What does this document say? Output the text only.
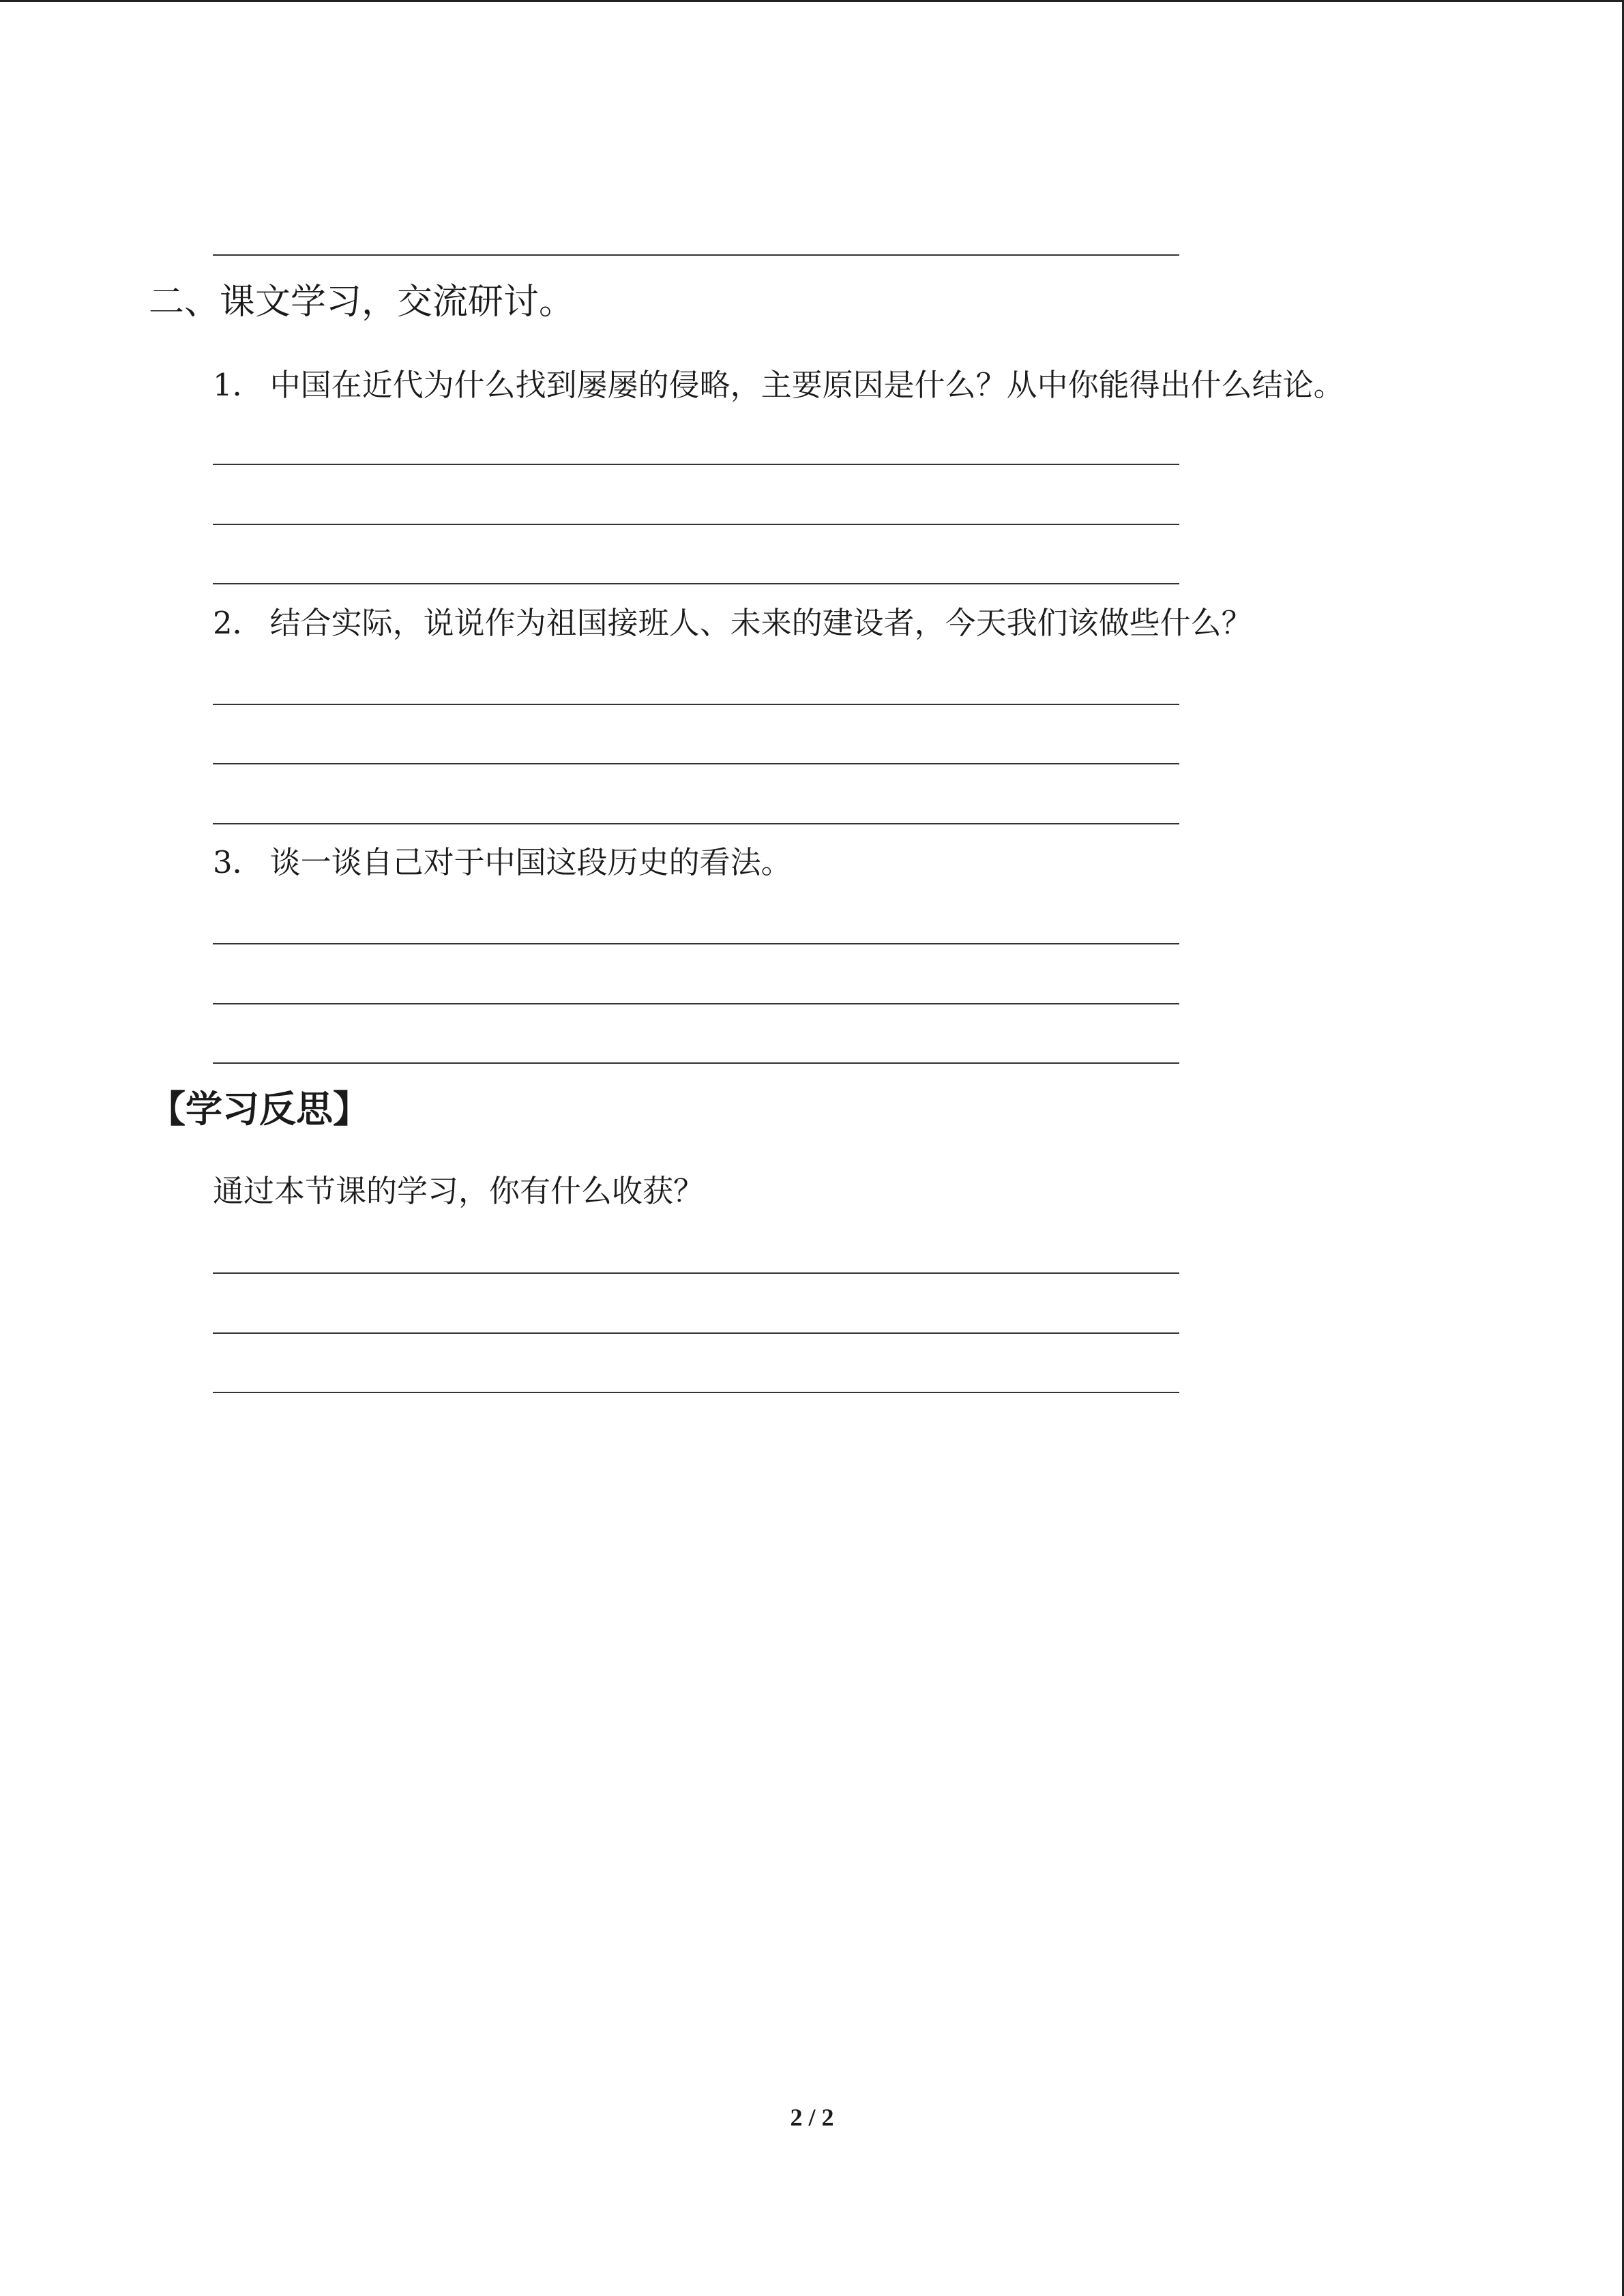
二、课文学习，交流研讨。
1． 中国在近代为什么找到屡屡的侵略，主要原因是什么？从中你能得出什么结论。
2． 结合实际，说说作为祖国接班人、未来的建设者，今天我们该做些什么？
3． 谈一谈自己对于中国这段历史的看法。
【学习反思】
通过本节课的学习，你有什么收获？
2 / 2
